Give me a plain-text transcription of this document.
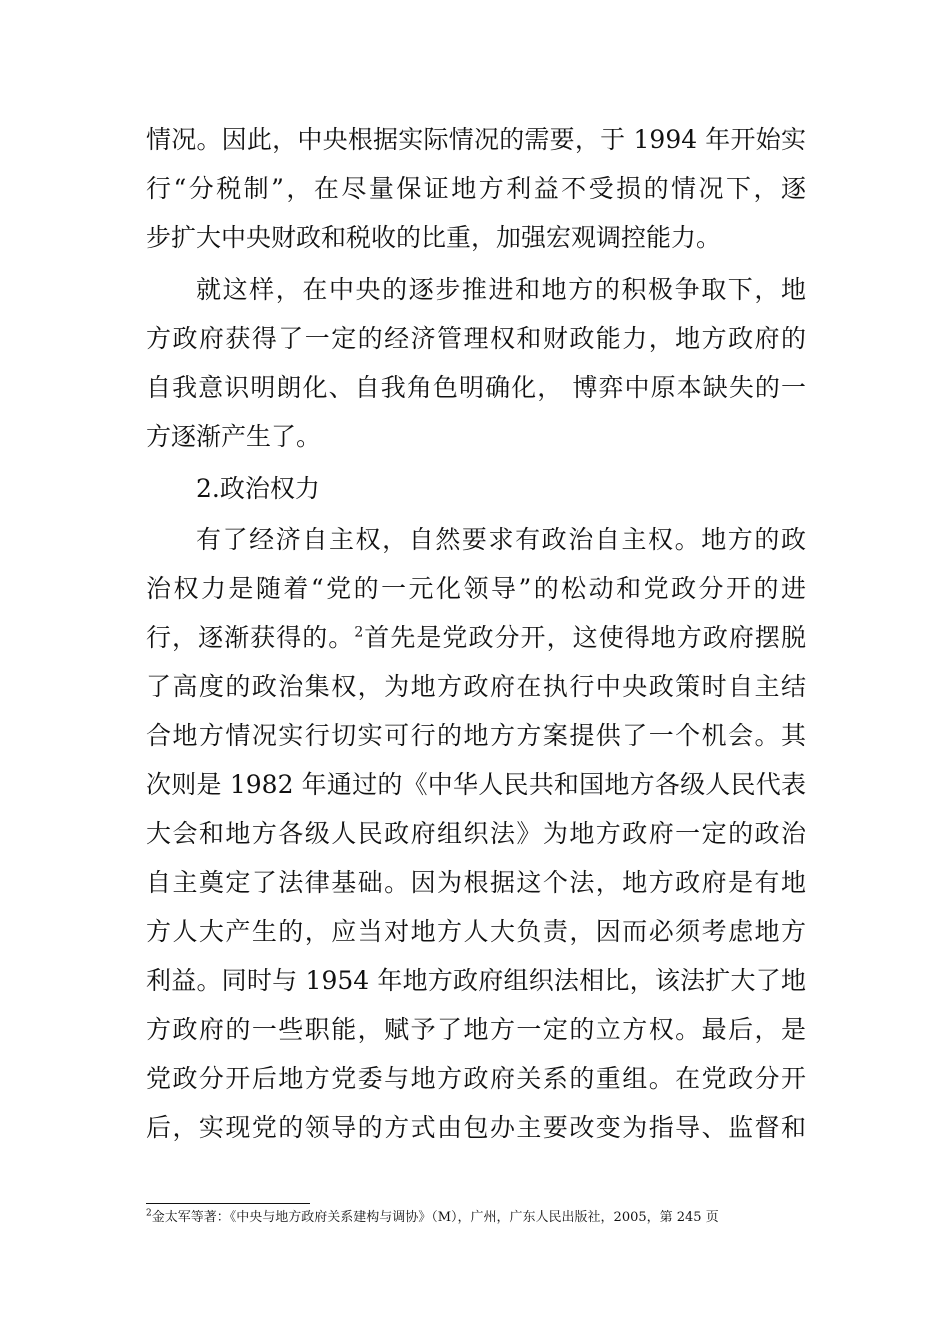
情况。因此，中央根据实际情况的需要，于 1994 年开始实
行“分税制”，在尽量保证地方利益不受损的情况下，逐
步扩大中央财政和税收的比重，加强宏观调控能力。
就这样，在中央的逐步推进和地方的积极争取下，地
方政府获得了一定的经济管理权和财政能力，地方政府的
自我意识明朗化、自我角色明确化， 博弈中原本缺失的一
方逐渐产生了。
2.政治权力
有了经济自主权，自然要求有政治自主权。地方的政
治权力是随着“党的一元化领导”的松动和党政分开的进
行，逐渐获得的。$^2$首先是党政分开，这使得地方政府摆脱
了高度的政治集权，为地方政府在执行中央政策时自主结
合地方情况实行切实可行的地方方案提供了一个机会。其
次则是 1982 年通过的《中华人民共和国地方各级人民代表
大会和地方各级人民政府组织法》为地方政府一定的政治
自主奠定了法律基础。因为根据这个法，地方政府是有地
方人大产生的，应当对地方人大负责，因而必须考虑地方
利益。同时与 1954 年地方政府组织法相比，该法扩大了地
方政府的一些职能，赋予了地方一定的立方权。最后，是
党政分开后地方党委与地方政府关系的重组。在党政分开
后，实现党的领导的方式由包办主要改变为指导、监督和
$^2$金太军等著：《中央与地方政府关系建构与调协》（M），广州，广东人民出版社，2005，第 245 页
